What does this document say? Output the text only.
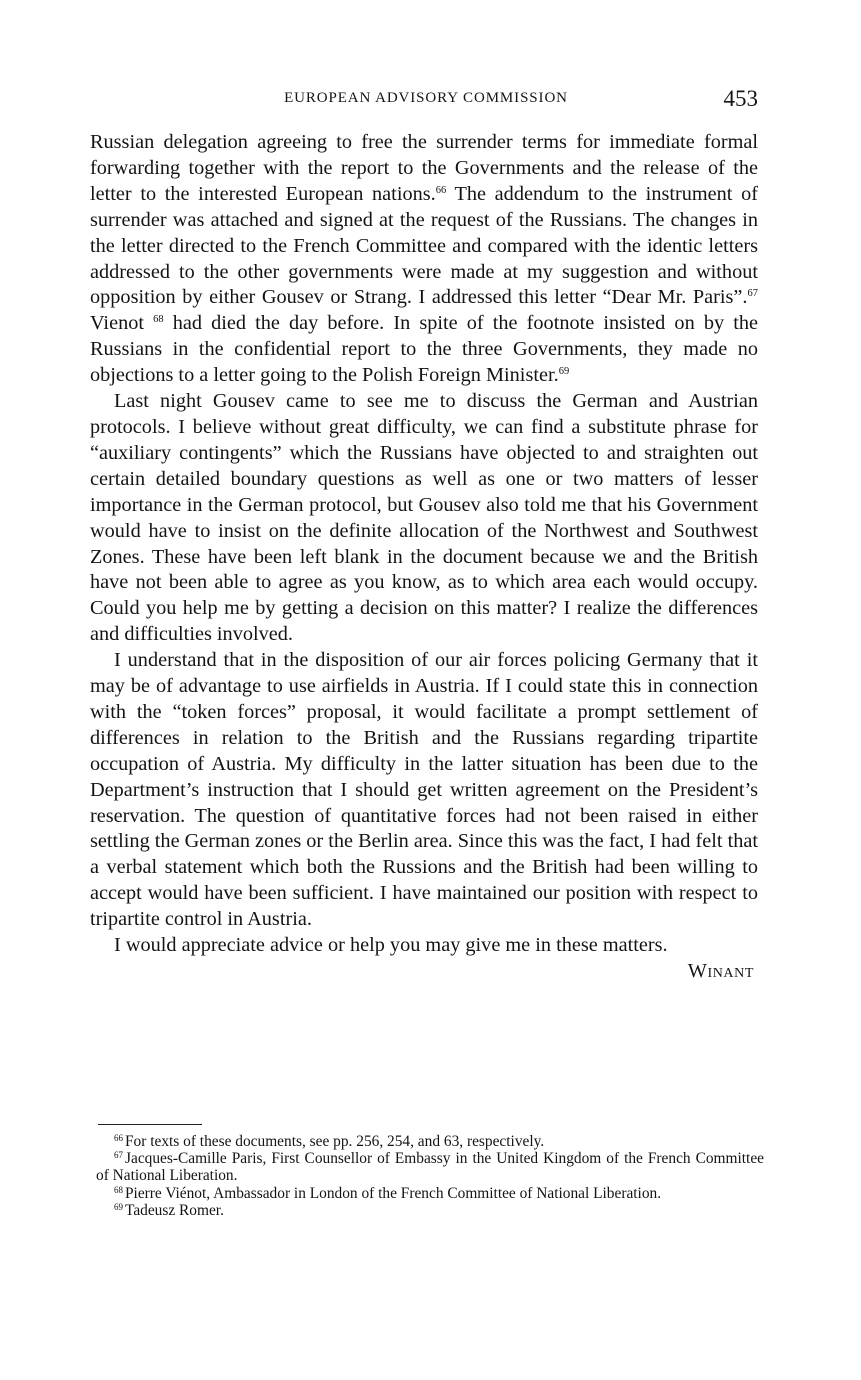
EUROPEAN ADVISORY COMMISSION	453

Russian delegation agreeing to free the surrender terms for immediate formal forwarding together with the report to the Governments and the release of the letter to the interested European nations.$^{66}$ The addendum to the instrument of surrender was attached and signed at the request of the Russians. The changes in the letter directed to the French Committee and compared with the identic letters addressed to the other governments were made at my suggestion and without opposition by either Gousev or Strang. I addressed this letter “Dear Mr. Paris”.$^{67}$ Vienot $^{68}$ had died the day before. In spite of the footnote insisted on by the Russians in the confidential report to the three Governments, they made no objections to a letter going to the Polish Foreign Minister.$^{69}$

Last night Gousev came to see me to discuss the German and Austrian protocols. I believe without great difficulty, we can find a substitute phrase for “auxiliary contingents” which the Russians have objected to and straighten out certain detailed boundary questions as well as one or two matters of lesser importance in the German protocol, but Gousev also told me that his Government would have to insist on the definite allocation of the Northwest and Southwest Zones. These have been left blank in the document because we and the British have not been able to agree as you know, as to which area each would occupy. Could you help me by getting a decision on this matter? I realize the differences and difficulties involved.

I understand that in the disposition of our air forces policing Germany that it may be of advantage to use airfields in Austria. If I could state this in connection with the “token forces” proposal, it would facilitate a prompt settlement of differences in relation to the British and the Russians regarding tripartite occupation of Austria. My difficulty in the latter situation has been due to the Department’s instruction that I should get written agreement on the President’s reservation. The question of quantitative forces had not been raised in either settling the German zones or the Berlin area. Since this was the fact, I had felt that a verbal statement which both the Russions and the British had been willing to accept would have been sufficient. I have maintained our position with respect to tripartite control in Austria.

I would appreciate advice or help you may give me in these matters.

Winant

$^{66}$ For texts of these documents, see pp. 256, 254, and 63, respectively.

$^{67}$ Jacques-Camille Paris, First Counsellor of Embassy in the United Kingdom of the French Committee of National Liberation.

$^{68}$ Pierre Viénot, Ambassador in London of the French Committee of National Liberation.

$^{69}$ Tadeusz Romer.
